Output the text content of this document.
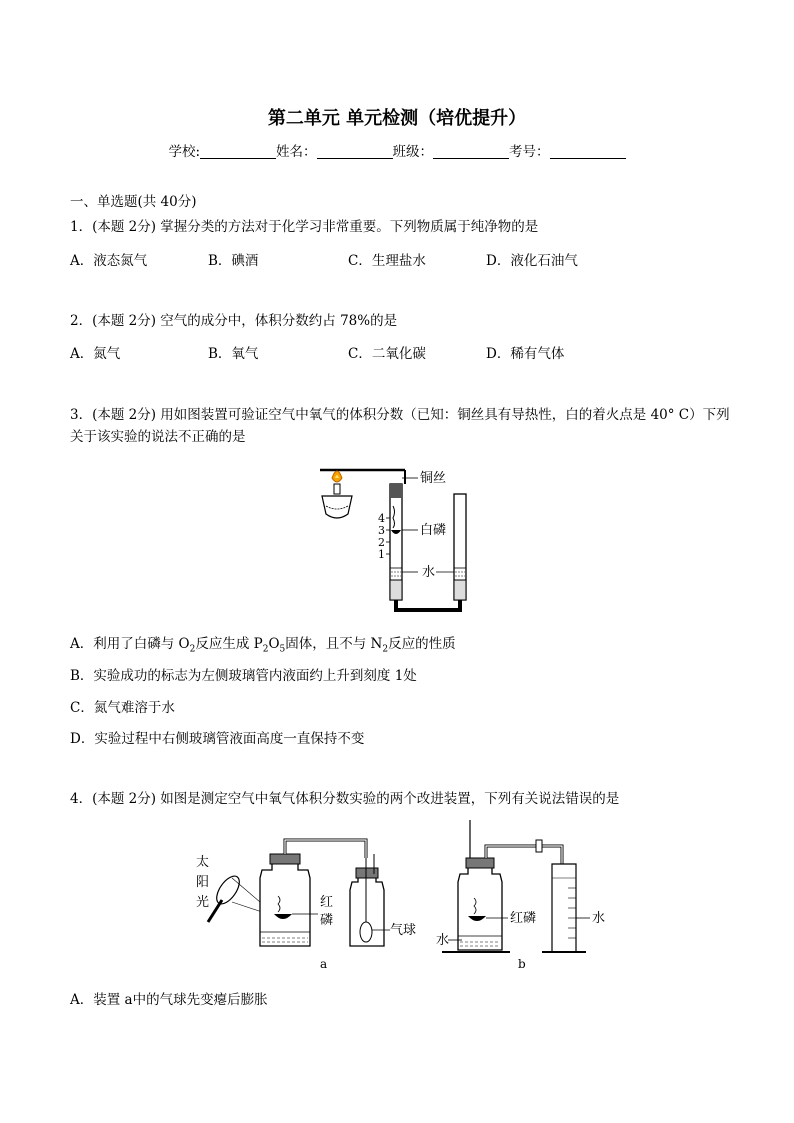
第二单元 单元检测（培优提升）
学校:	姓名：	班级：	考号：
一、单选题(共 40分)
1．(本题 2分) 掌握分类的方法对于化学习非常重要。下列物质属于纯净物的是
A．液态氮气	B．碘酒	C．生理盐水	D．液化石油气
2．(本题 2分) 空气的成分中，体积分数约占 78%的是
A．氮气	B．氧气	C．二氧化碳	D．稀有气体
3．(本题 2分) 用如图装置可验证空气中氧气的体积分数（已知：铜丝具有导热性，白的着火点是 40° C）下列关于该实验的说法不正确的是
4
3
2
1
铜丝
白磷
水
A．利用了白磷与 $O_2$反应生成 $P_2O_5$固体，且不与 $N_2$反应的性质
B．实验成功的标志为左侧玻璃管内液面约上升到刻度 1处
C．氮气难溶于水
D．实验过程中右侧玻璃管液面高度一直保持不变
4．(本题 2分) 如图是测定空气中氧气体积分数实验的两个改进装置，下列有关说法错误的是
太
阳
光	红
磷
气球
a
红磷	水
水
b
A．装置 a中的气球先变瘪后膨胀
